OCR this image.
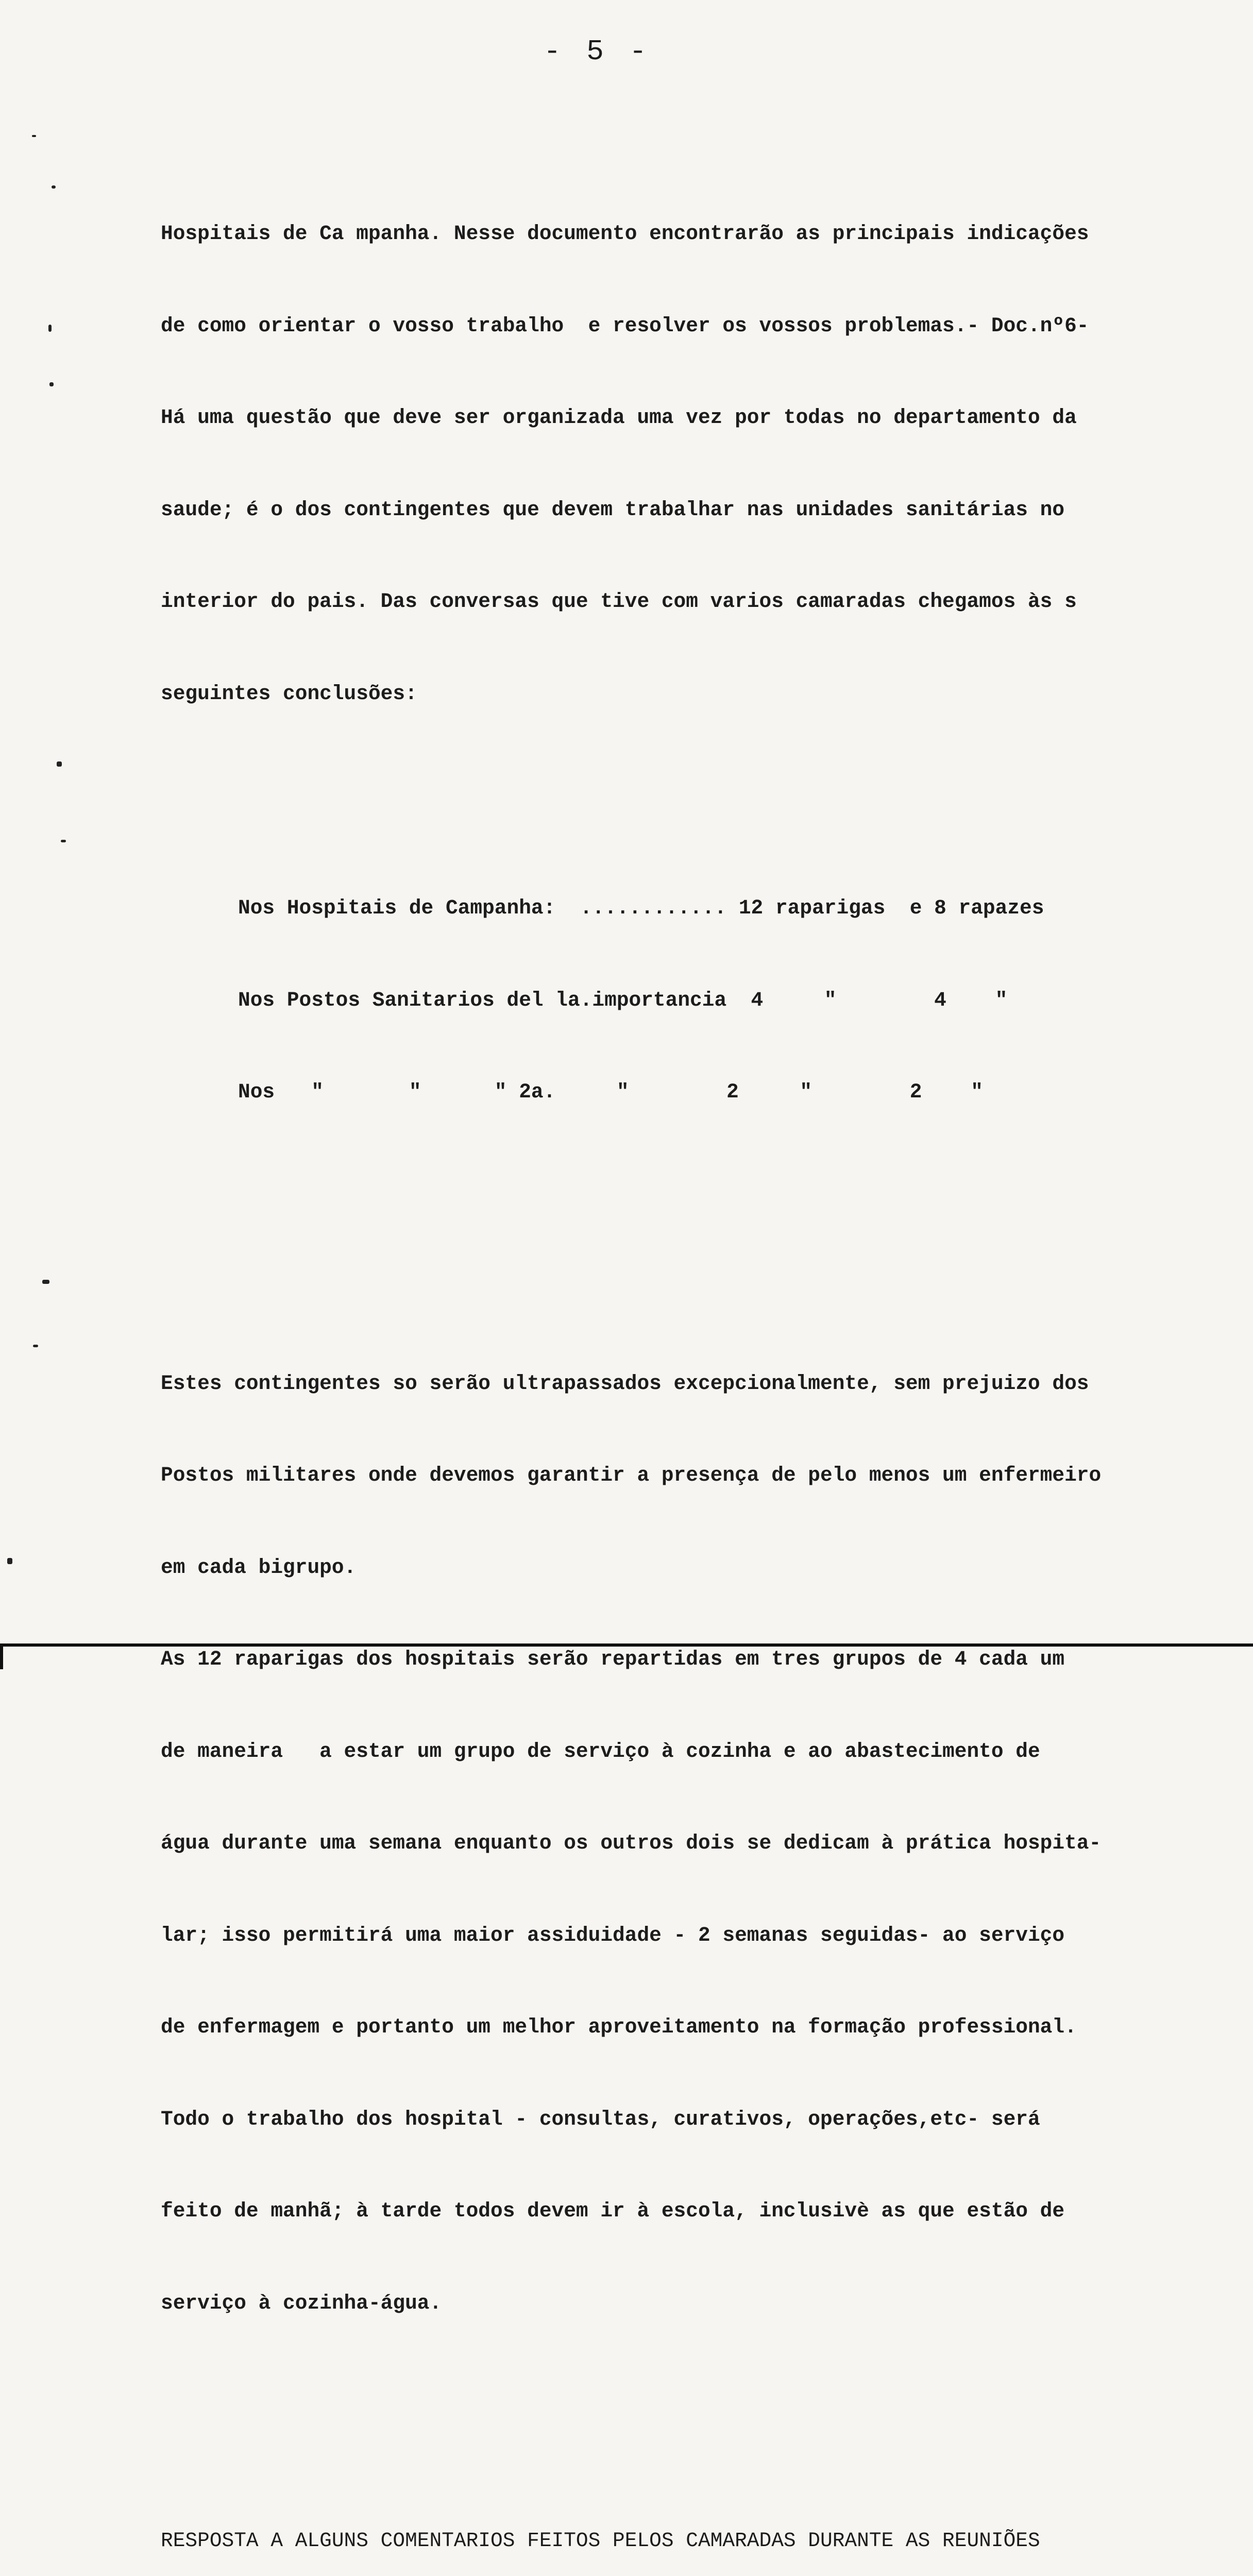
- 5 -

Hospitais de Ca mpanha. Nesse documento encontrarão as principais indicações

de como orientar o vosso trabalho  e resolver os vossos problemas.- Doc.nº6-

Há uma questão que deve ser organizada uma vez por todas no departamento da

saude; é o dos contingentes que devem trabalhar nas unidades sanitárias no

interior do pais. Das conversas que tive com varios camaradas chegamos às s

seguintes conclusões:

Nos Hospitais de Campanha:  ............ 12 raparigas  e 8 rapazes

Nos Postos Sanitarios del la.importancia  4     "        4    "

Nos   "       "      " 2a.     "        2     "        2    "

Estes contingentes so serão ultrapassados excepcionalmente, sem prejuizo dos

Postos militares onde devemos garantir a presença de pelo menos um enfermeiro

em cada bigrupo.

As 12 raparigas dos hospitais serão repartidas em tres grupos de 4 cada um

de maneira   a estar um grupo de serviço à cozinha e ao abastecimento de

água durante uma semana enquanto os outros dois se dedicam à prática hospita-

lar; isso permitirá uma maior assiduidade - 2 semanas seguidas- ao serviço

de enfermagem e portanto um melhor aproveitamento na formação professional.

Todo o trabalho dos hospital - consultas, curativos, operações,etc- será

feito de manhã; à tarde todos devem ir à escola, inclusivè as que estão de

serviço à cozinha-água.

RESPOSTA A ALGUNS COMENTARIOS FEITOS PELOS CAMARADAS DURANTE AS REUNIÕES
